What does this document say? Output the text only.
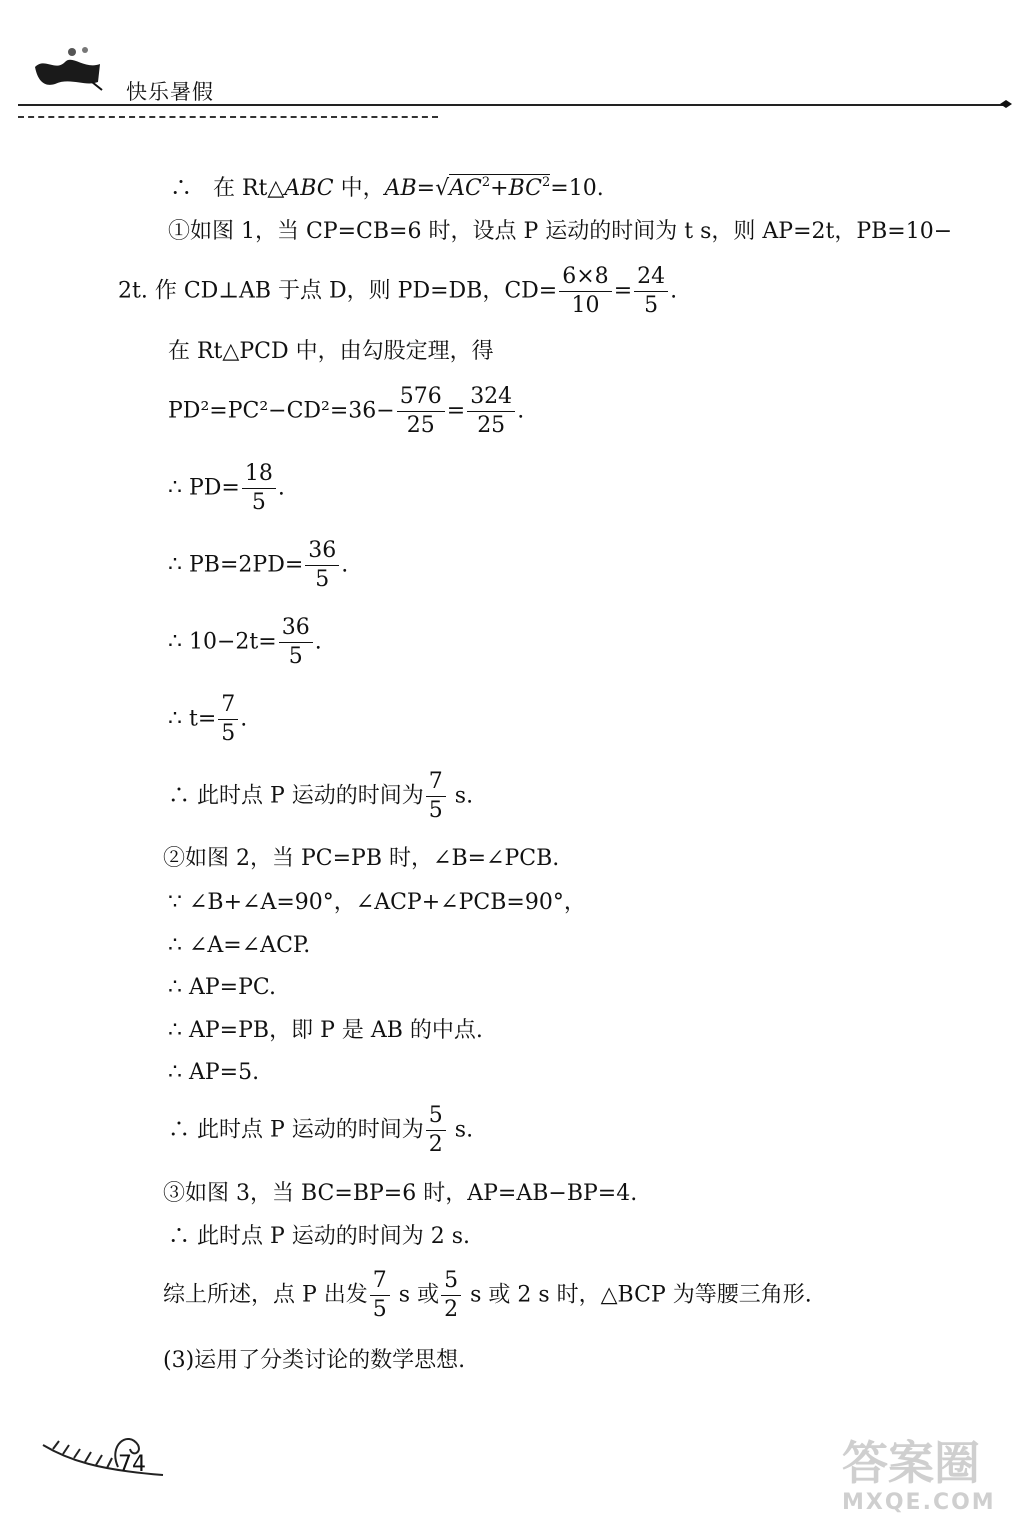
快乐暑假
∴   在 Rt△ABC 中，$AB=√AC^2+BC^2=10$.
①如图 1，当 CP=CB=6 时，设点 P 运动的时间为 t s，则 AP=2t，PB=10−
2t. 作 CD⊥AB 于点 D，则 PD=DB，$CD= \frac{6\times 8}{10} = \frac{24}{5}$ .
在 Rt△PCD 中，由勾股定理，得
$PD^2=PC^2-CD^2=36- \frac{576}{25} = \frac{324}{25}$ .
∴ $PD= \frac{18}{5}$ .
∴ $PB=2PD= \frac{36}{5}$ .
∴ $10-2t= \frac{36}{5}$ .
∴ $t= \frac{7}{5}$ .
∴ 此时点 P 运动的时间为 $\frac{7}{5} s$.
②如图 2，当 PC=PB 时，∠B=∠PCB.
∵ ∠B+∠A=90°，∠ACP+∠PCB=90°，
∴ ∠A=∠ACP.
∴ AP=PC.
∴ AP=PB，即 P 是 AB 的中点.
∴ AP=5.
∴ 此时点 P 运动的时间为 $\frac{5}{2} s$.
③如图 3，当 BC=BP=6 时，AP=AB−BP=4.
∴ 此时点 P 运动的时间为 2 s.
综上所述，点 P 出发 $\frac{7}{5}$ s 或 $\frac{5}{2}$ s 或 2 s 时，△BCP 为等腰三角形.
(3)运用了分类讨论的数学思想.
74	答案圈
MXQE.COM
